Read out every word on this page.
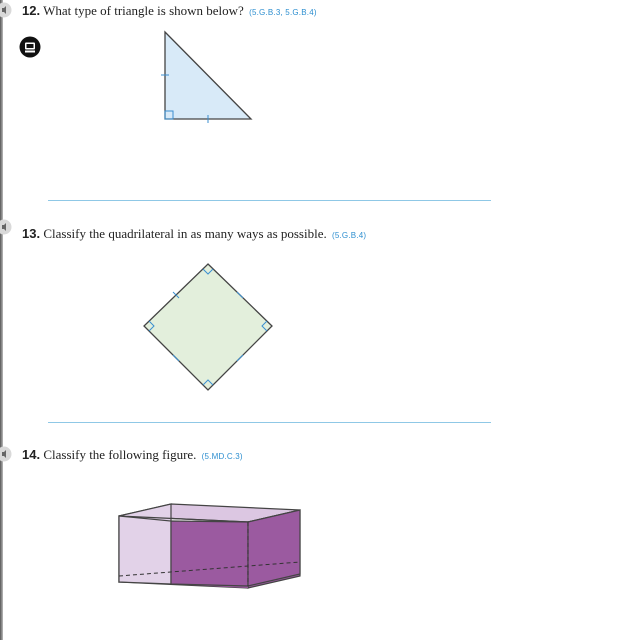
12. What type of triangle is shown below? (5.G.B.3, 5.G.B.4)
13. Classify the quadrilateral in as many ways as possible. (5.G.B.4)
14. Classify the following figure. (5.MD.C.3)
